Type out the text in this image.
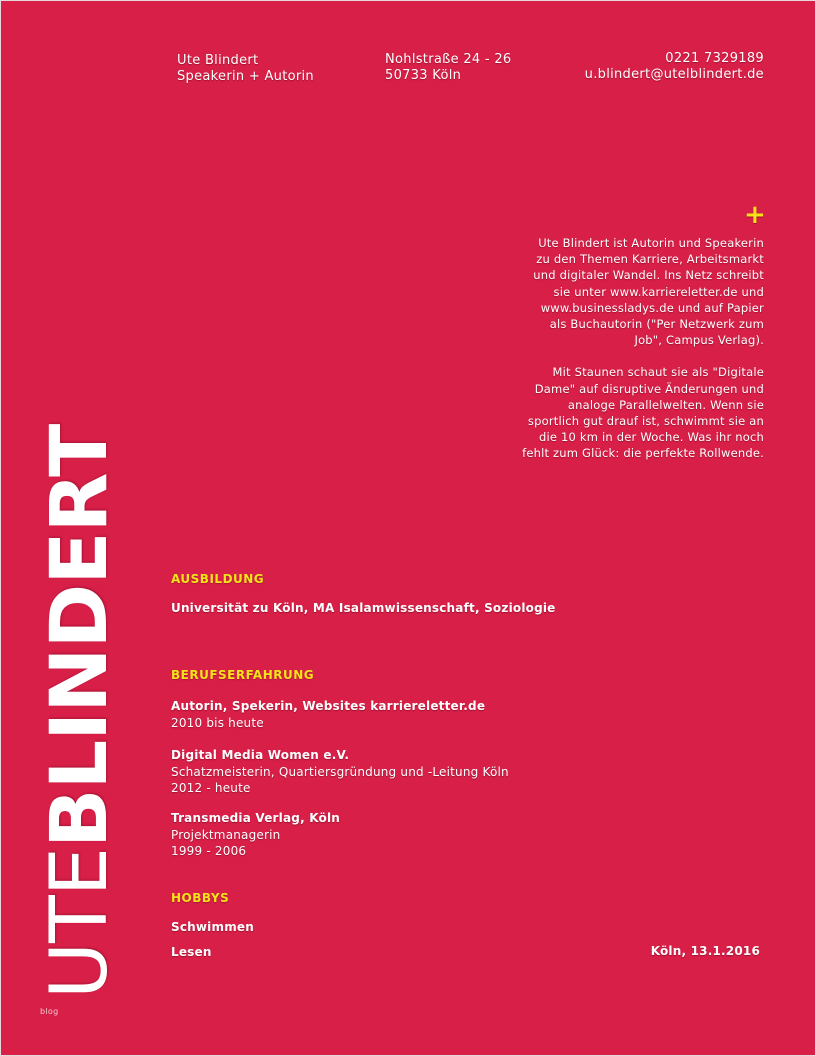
Ute Blindert
Speakerin + Autorin
Nohlstraße 24 - 26
50733 Köln
0221 7329189
u.blindert@utelblindert.de
+

Ute Blindert ist Autorin und Speakerin zu den Themen Karriere, Arbeitsmarkt und digitaler Wandel. Ins Netz schreibt sie unter www.karriereletter.de und www.businessladys.de und auf Papier als Buchautorin ("Per Netzwerk zum Job", Campus Verlag).

Mit Staunen schaut sie als "Digitale Dame" auf disruptive Änderungen und analoge Parallelwelten. Wenn sie sportlich gut drauf ist, schwimmt sie an die 10 km in der Woche. Was ihr noch fehlt zum Glück: die perfekte Rollwende.

UTEBLINDERT
blog
AUSBILDUNG
Universität zu Köln, MA Isalamwissenschaft, Soziologie
BERUFSERFAHRUNG
Autorin, Spekerin, Websites karriereletter.de
2010 bis heute
Digital Media Women e.V.
Schatzmeisterin, Quartiersgründung und -Leitung Köln
2012 - heute
Transmedia Verlag, Köln
Projektmanagerin
1999 - 2006
HOBBYS
Schwimmen
Lesen	Köln, 13.1.2016
